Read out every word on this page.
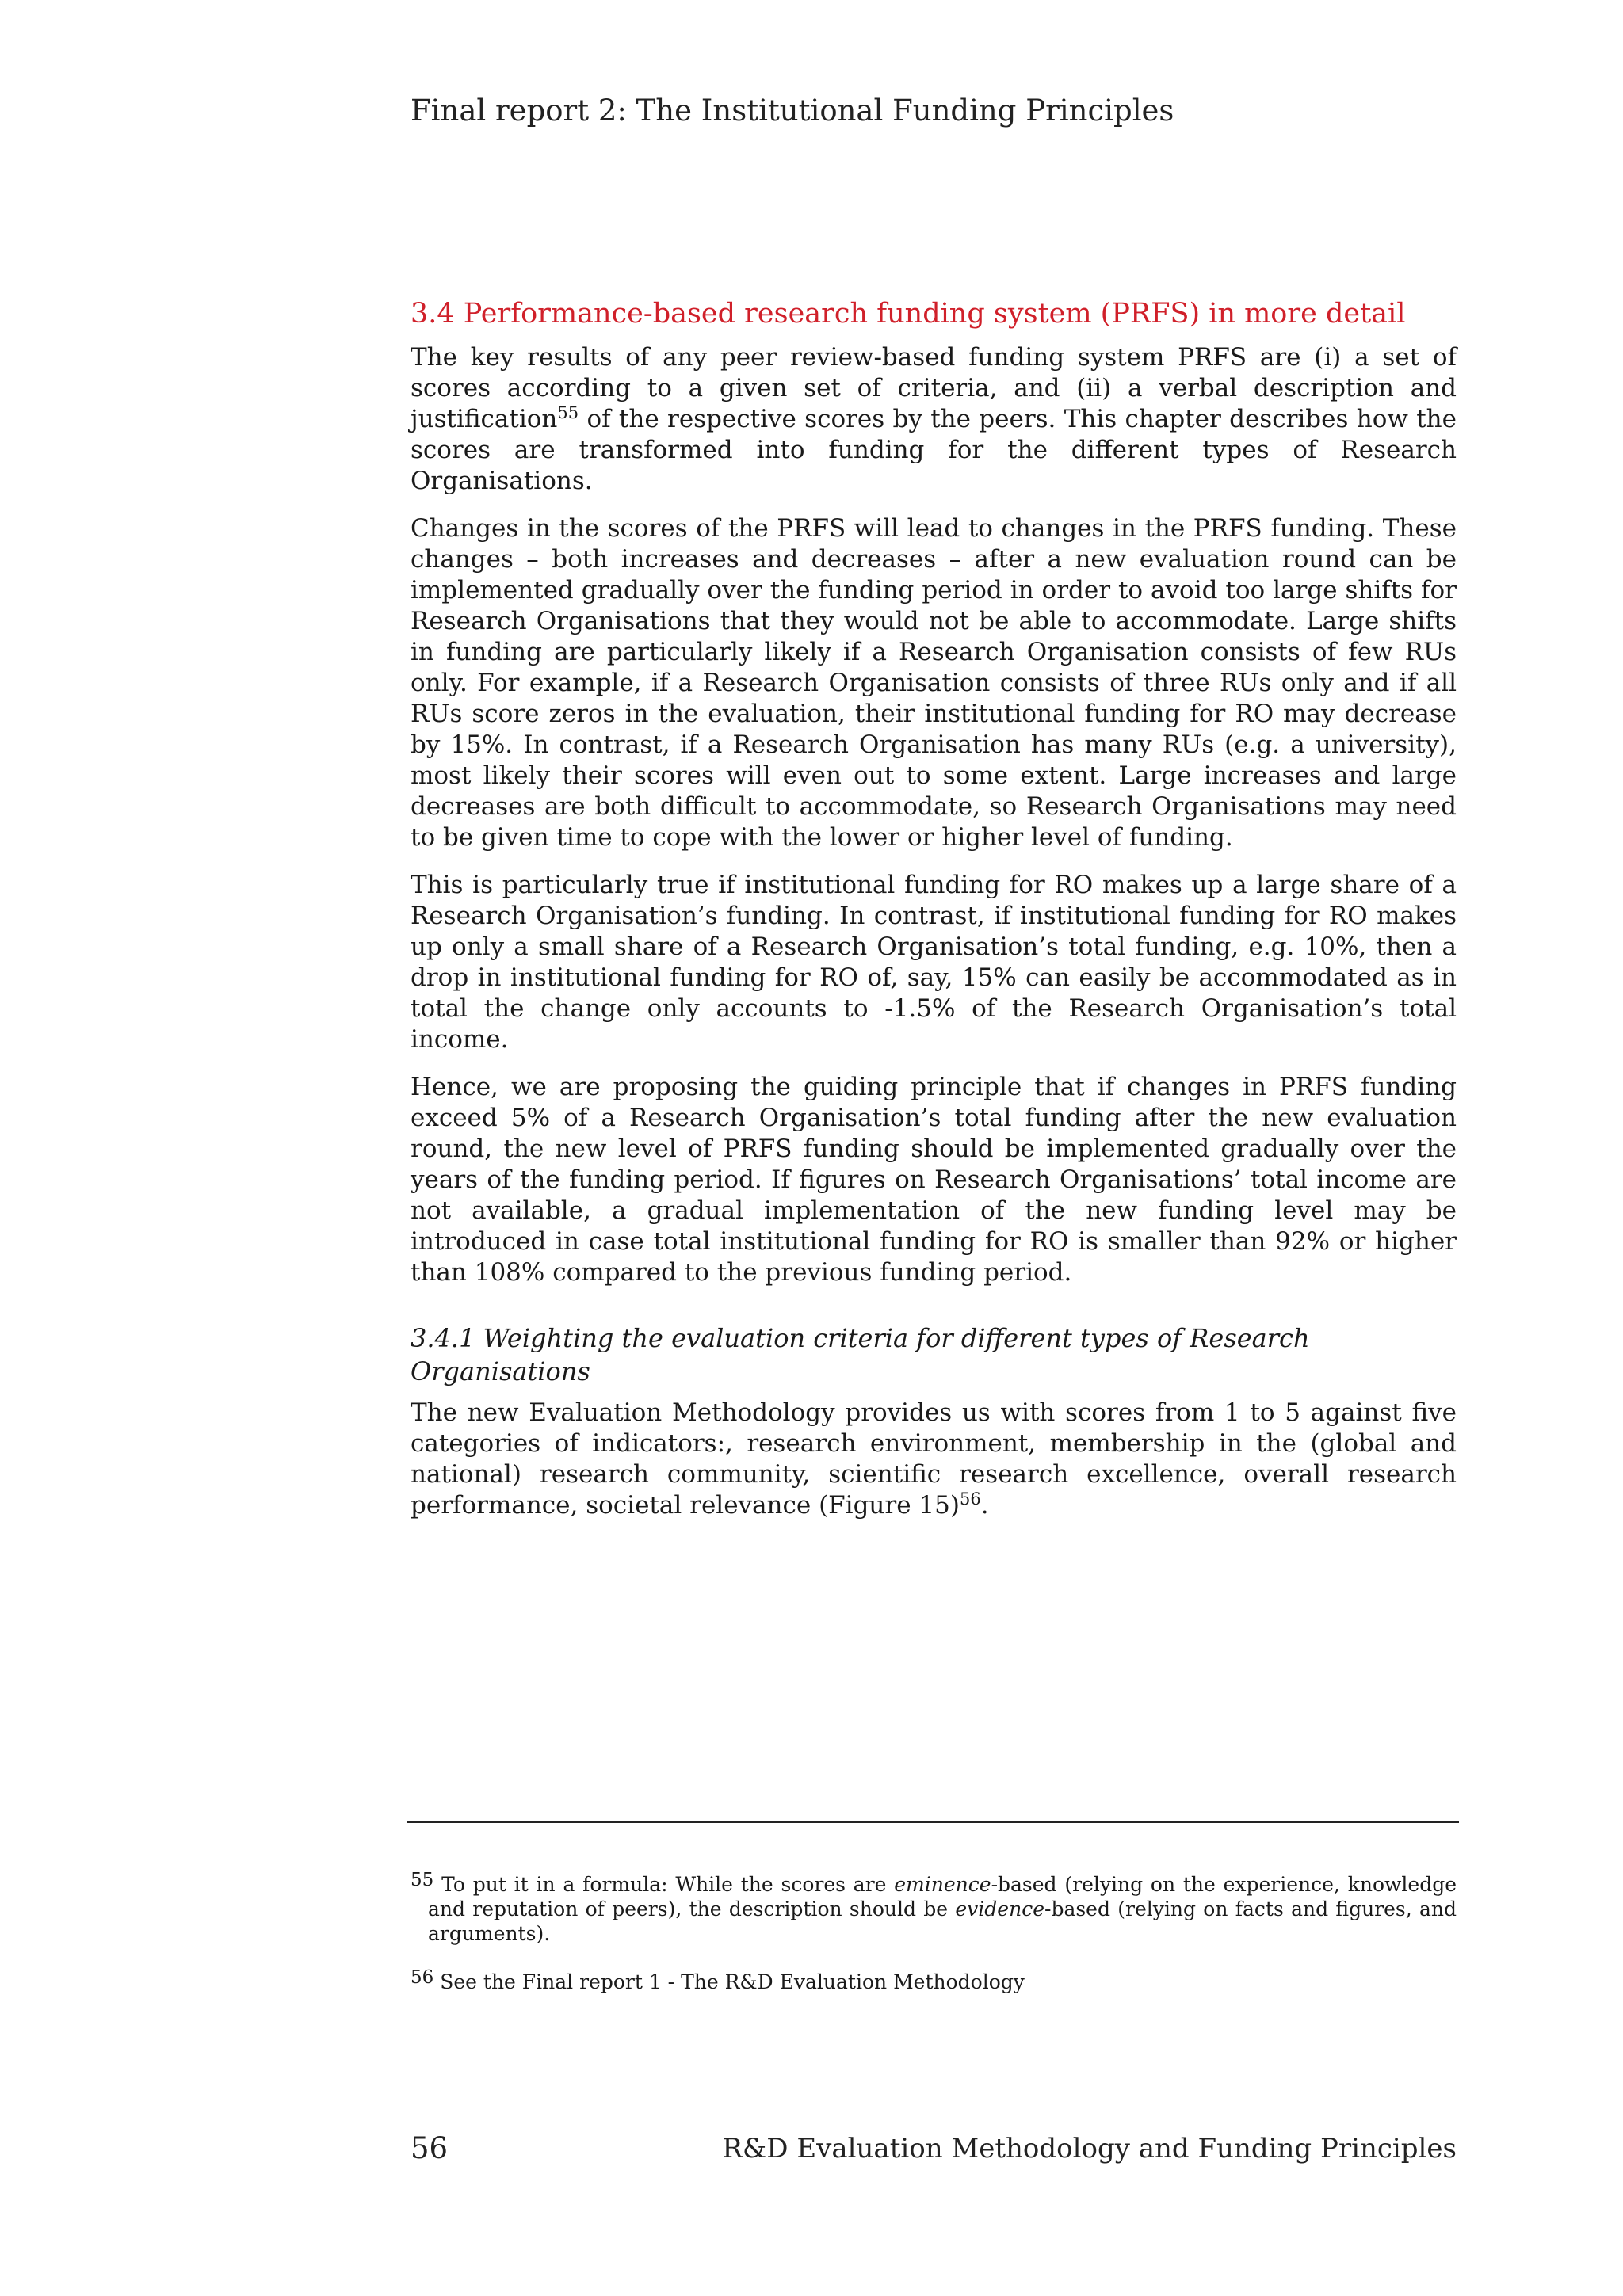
Final report 2: The Institutional Funding Principles
3.4 Performance-based research funding system (PRFS) in more detail

The key results of any peer review-based funding system PRFS are (i) a set of scores according to a given set of criteria, and (ii) a verbal description and justification$^{55}$ of the respective scores by the peers. This chapter describes how the scores are transformed into funding for the different types of Research Organisations.

Changes in the scores of the PRFS will lead to changes in the PRFS funding. These changes – both increases and decreases – after a new evaluation round can be implemented gradually over the funding period in order to avoid too large shifts for Research Organisations that they would not be able to accommodate. Large shifts in funding are particularly likely if a Research Organisation consists of few RUs only. For example, if a Research Organisation consists of three RUs only and if all RUs score zeros in the evaluation, their institutional funding for RO may decrease by 15%. In contrast, if a Research Organisation has many RUs (e.g. a university), most likely their scores will even out to some extent. Large increases and large decreases are both difficult to accommodate, so Research Organisations may need to be given time to cope with the lower or higher level of funding.

This is particularly true if institutional funding for RO makes up a large share of a Research Organisation’s funding. In contrast, if institutional funding for RO makes up only a small share of a Research Organisation’s total funding, e.g. 10%, then a drop in institutional funding for RO of, say, 15% can easily be accommodated as in total the change only accounts to -1.5% of the Research Organisation’s total income.

Hence, we are proposing the guiding principle that if changes in PRFS funding exceed 5% of a Research Organisation’s total funding after the new evaluation round, the new level of PRFS funding should be implemented gradually over the years of the funding period. If figures on Research Organisations’ total income are not available, a gradual implementation of the new funding level may be introduced in case total institutional funding for RO is smaller than 92% or higher than 108% compared to the previous funding period.

3.4.1 Weighting the evaluation criteria for different types of Research Organisations

The new Evaluation Methodology provides us with scores from 1 to 5 against five categories of indicators:, research environment, membership in the (global and national) research community, scientific research excellence, overall research performance, societal relevance (Figure 15)$^{56}$.

55 To put it in a formula: While the scores are eminence-based (relying on the experience, knowledge and reputation of peers), the description should be evidence-based (relying on facts and figures, and arguments).

56 See the Final report 1 - The R&D Evaluation Methodology

56	R&D Evaluation Methodology and Funding Principles
